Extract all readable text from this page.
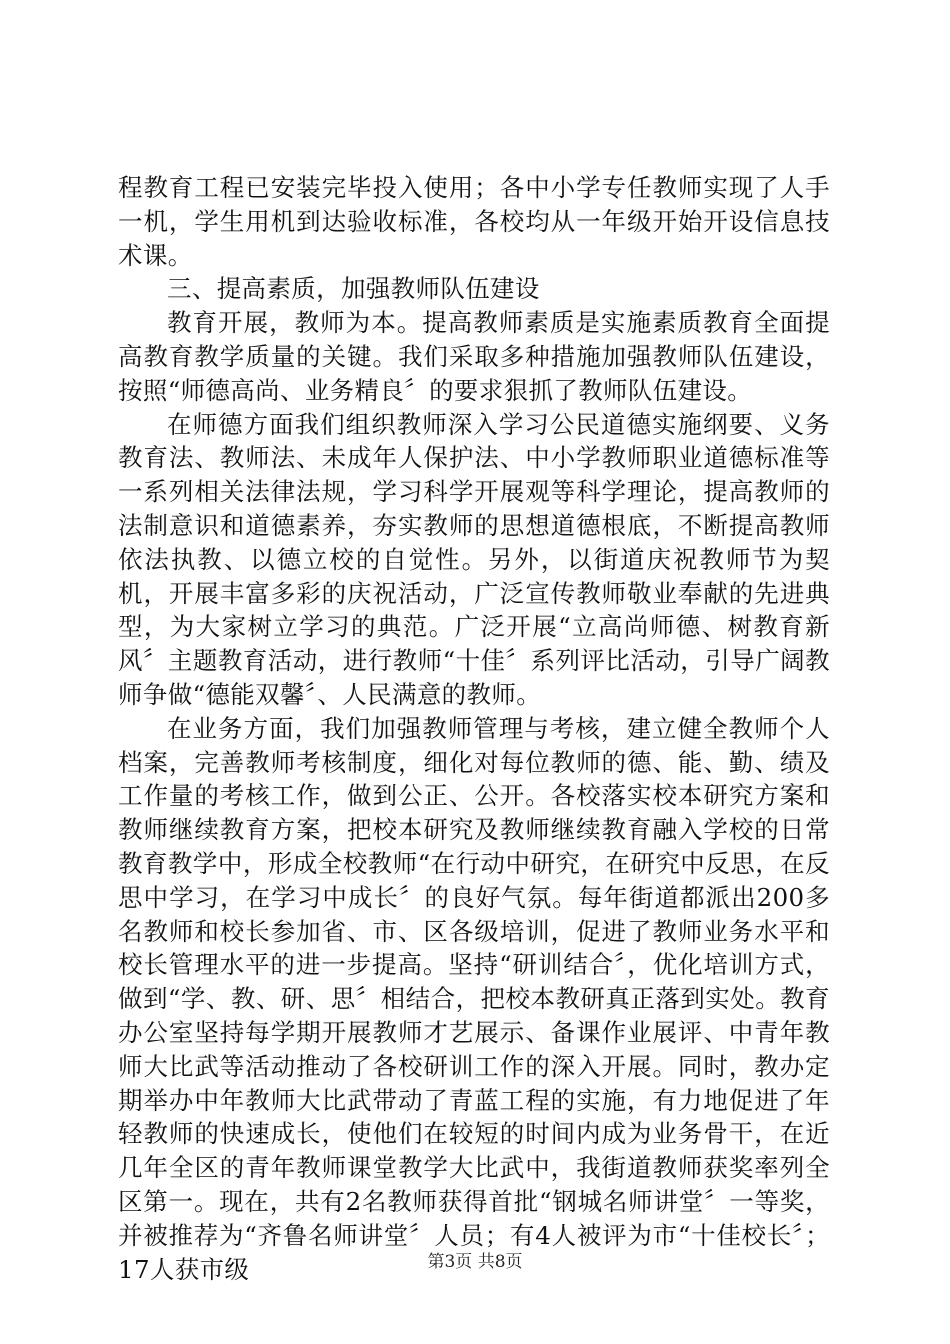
程教育工程已安装完毕投入使用；各中小学专任教师实现了人手一机，学生用机到达验收标准，各校均从一年级开始开设信息技术课。

三、提高素质，加强教师队伍建设

教育开展，教师为本。提高教师素质是实施素质教育全面提高教育教学质量的关键。我们采取多种措施加强教师队伍建设，按照“师德高尚、业务精良〞的要求狠抓了教师队伍建设。

在师德方面我们组织教师深入学习公民道德实施纲要、义务教育法、教师法、未成年人保护法、中小学教师职业道德标准等一系列相关法律法规，学习科学开展观等科学理论，提高教师的法制意识和道德素养，夯实教师的思想道德根底，不断提高教师依法执教、以德立校的自觉性。另外，以街道庆祝教师节为契机，开展丰富多彩的庆祝活动，广泛宣传教师敬业奉献的先进典型，为大家树立学习的典范。广泛开展“立高尚师德、树教育新风〞主题教育活动，进行教师“十佳〞系列评比活动，引导广阔教师争做“德能双馨〞、人民满意的教师。

在业务方面，我们加强教师管理与考核，建立健全教师个人档案，完善教师考核制度，细化对每位教师的德、能、勤、绩及工作量的考核工作，做到公正、公开。各校落实校本研究方案和教师继续教育方案，把校本研究及教师继续教育融入学校的日常教育教学中，形成全校教师“在行动中研究，在研究中反思，在反思中学习，在学习中成长〞的良好气氛。每年街道都派出200多名教师和校长参加省、市、区各级培训，促进了教师业务水平和校长管理水平的进一步提高。坚持“研训结合〞，优化培训方式，做到“学、教、研、思〞相结合，把校本教研真正落到实处。教育办公室坚持每学期开展教师才艺展示、备课作业展评、中青年教师大比武等活动推动了各校研训工作的深入开展。同时，教办定期举办中年教师大比武带动了青蓝工程的实施，有力地促进了年轻教师的快速成长，使他们在较短的时间内成为业务骨干，在近几年全区的青年教师课堂教学大比武中，我街道教师获奖率列全区第一。现在，共有2名教师获得首批“钢城名师讲堂〞一等奖，并被推荐为“齐鲁名师讲堂〞人员；有4人被评为市“十佳校长〞；17人获市级	第3页 共8页
